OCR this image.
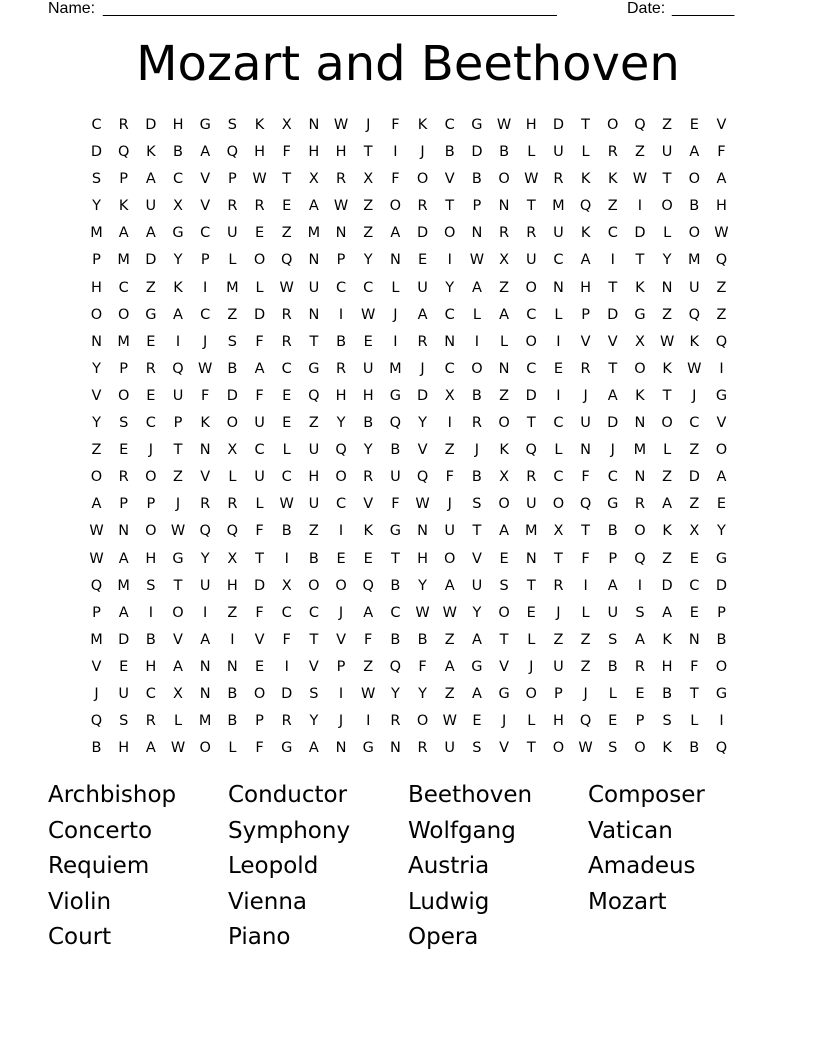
Name:

___________________________________________________

	Date:

_______

Mozart and Beethoven
C	R	D	H	G	S	K	X	N	W	J	F	K	C	G W	H	D	T	O	Q	Z	E	V
D	Q	K	B	A	Q	H	F	H	H	T	I	J	B	D	B	L	U	L	R	Z	U	A	F
S	P	A	C	V	P	W	T	X	R	X	F	O	V	B	O W	R	K	K	W	T	O	A
Y	K	U	X	V	R	R	E	A	W	Z	O	R	T	P	N	T	M	Q	Z	I	O	B	H
M	A	A	G	C	U	E	Z	M	N	Z	A	D	O	N	R	R	U	K	C	D	L	O W
P	M	D	Y	P	L	O	Q	N	P	Y	N	E	I	W	X	U	C	A	I	T	Y	M	Q
H	C	Z	K	I	M	L	W	U	C	C	L	U	Y	A	Z	O	N	H	T	K	N	U	Z
O	O	G	A	C	Z	D	R	N	I	W	J	A	C	L	A	C	L	P	D	G	Z	Q	Z
N	M	E	I	J	S	F	R	T	B	E	I	R	N	I	L	O	I	V	V	X	W	K	Q
Y	P	R	Q W	B	A	C	G	R	U	M	J	C	O	N	C	E	R	T	O	K	W	I
V	O	E	U	F	D	F	E	Q	H	H	G	D	X	B	Z	D	I	J	A	K	T	J	G
Y	S	C	P	K	O	U	E	Z	Y	B	Q	Y	I	R	O	T	C	U	D	N	O	C	V
Z	E	J	T	N	X	C	L	U	Q	Y	B	V	Z	J	K	Q	L	N	J	M	L	Z	O
O	R	O	Z	V	L	U	C	H	O	R	U	Q	F	B	X	R	C	F	C	N	Z	D	A
A	P	P	J	R	R	L	W	U	C	V	F	W	J	S	O	U	O	Q	G	R	A	Z	E
W	N	O W Q	Q	F	B	Z	I	K	G	N	U	T	A	M	X	T	B	O	K	X	Y
W	A	H	G	Y	X	T	I	B	E	E	T	H	O	V	E	N	T	F	P	Q	Z	E	G
Q	M	S	T	U	H	D	X	O	O	Q	B	Y	A	U	S	T	R	I	A	I	D	C	D
P	A	I	O	I	Z	F	C	C	J	A	C	W W	Y	O	E	J	L	U	S	A	E	P
M	D	B	V	A	I	V	F	T	V	F	B	B	Z	A	T	L	Z	Z	S	A	K	N	B
V	E	H	A	N	N	E	I	V	P	Z	Q	F	A	G	V	J	U	Z	B	R	H	F	O
J	U	C	X	N	B	O	D	S	I	W	Y	Y	Z	A	G	O	P	J	L	E	B	T	G
Q	S	R	L	M	B	P	R	Y	J	I	R	O W	E	J	L	H	Q	E	P	S	L	I
B	H	A	W O	L	F	G	A	N	G	N	R	U	S	V	T	O W	S	O	K	B	Q
Archbishop Conductor	Beethoven Composer
Concerto	Symphony	Wolfgang	Vatican
Requiem	Leopold	Austria	Amadeus
Violin	Vienna	Ludwig	Mozart
Court	Piano	Opera
